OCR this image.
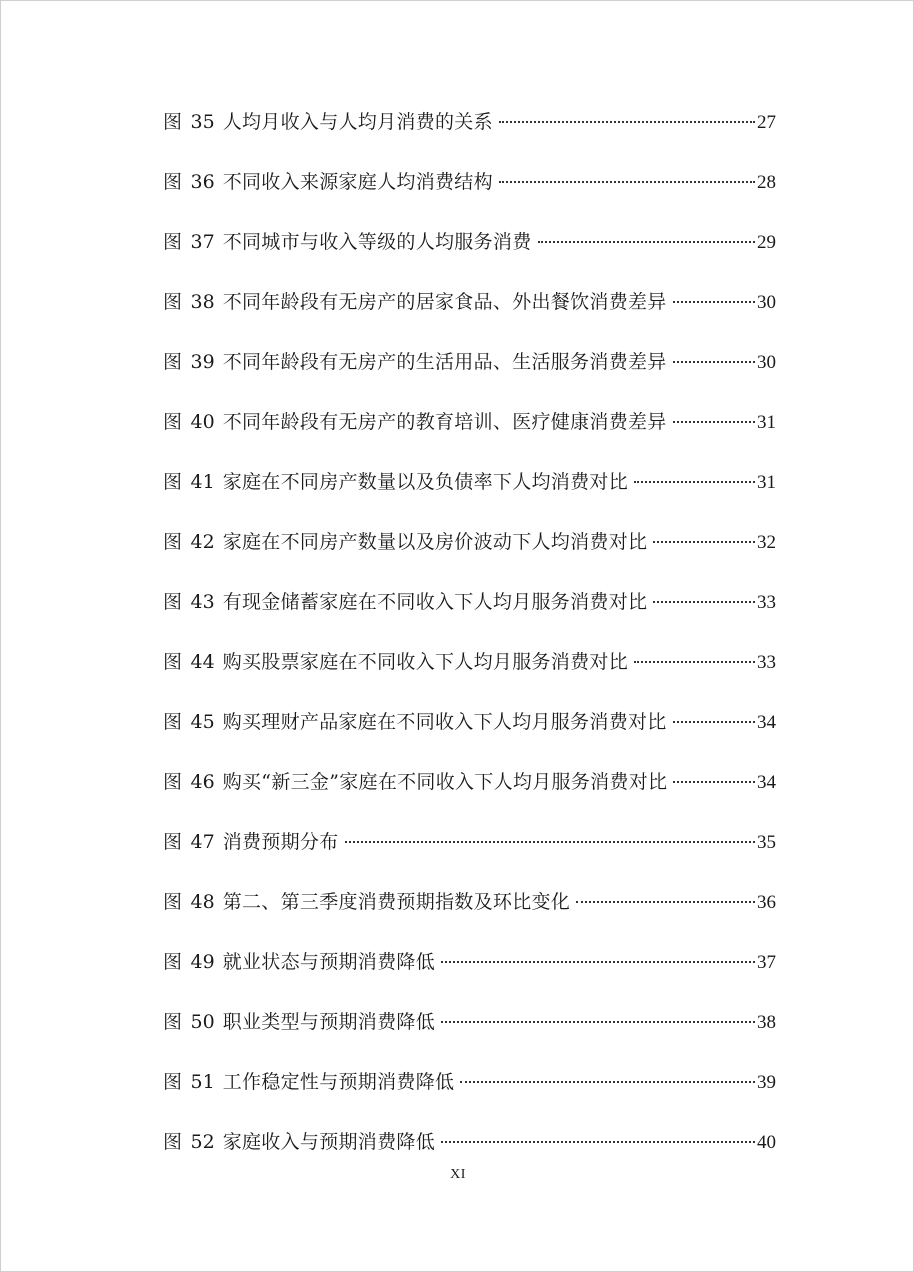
图 35 人均月收入与人均月消费的关系	27
图 36 不同收入来源家庭人均消费结构	28
图 37 不同城市与收入等级的人均服务消费	29
图 38 不同年龄段有无房产的居家食品、外出餐饮消费差异	30
图 39 不同年龄段有无房产的生活用品、生活服务消费差异	30
图 40 不同年龄段有无房产的教育培训、医疗健康消费差异	31
图 41 家庭在不同房产数量以及负债率下人均消费对比	31
图 42 家庭在不同房产数量以及房价波动下人均消费对比	32
图 43 有现金储蓄家庭在不同收入下人均月服务消费对比	33
图 44 购买股票家庭在不同收入下人均月服务消费对比	33
图 45 购买理财产品家庭在不同收入下人均月服务消费对比	34
图 46 购买“新三金”家庭在不同收入下人均月服务消费对比	34
图 47 消费预期分布	35
图 48 第二、第三季度消费预期指数及环比变化	36
图 49 就业状态与预期消费降低	37
图 50 职业类型与预期消费降低	38
图 51 工作稳定性与预期消费降低	39
图 52 家庭收入与预期消费降低	40
XI
